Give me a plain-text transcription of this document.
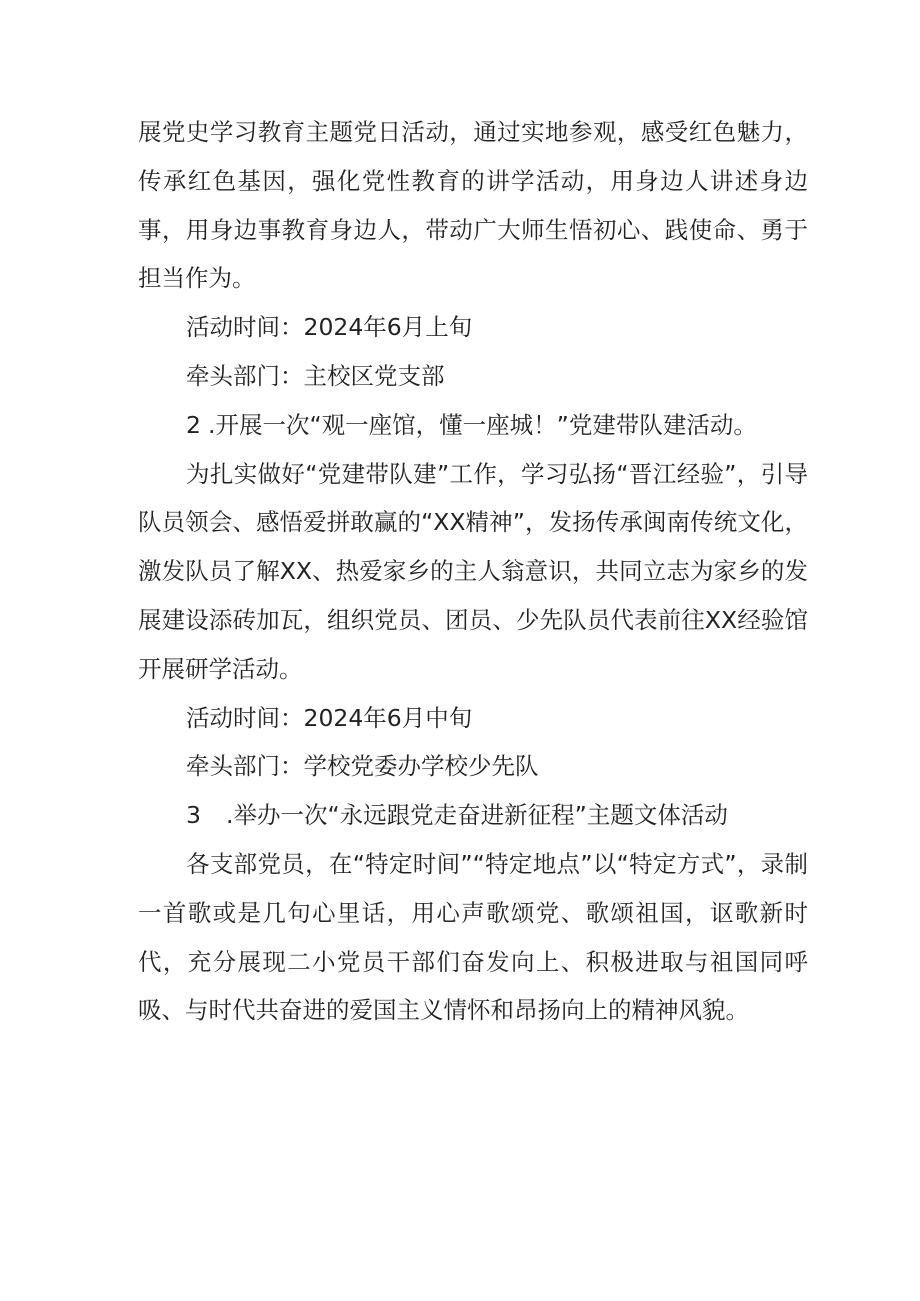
展党史学习教育主题党日活动，通过实地参观，感受红色魅力，传承红色基因，强化党性教育的讲学活动，用身边人讲述身边事，用身边事教育身边人，带动广大师生悟初心、践使命、勇于担当作为。

活动时间：2024年6月上旬

牵头部门：主校区党支部

2 .开展一次“观一座馆，懂一座城！”党建带队建活动。

为扎实做好“党建带队建”工作，学习弘扬“晋江经验”，引导队员领会、感悟爱拼敢赢的“XX精神”，发扬传承闽南传统文化，激发队员了解XX、热爱家乡的主人翁意识，共同立志为家乡的发展建设添砖加瓦，组织党员、团员、少先队员代表前往XX经验馆开展研学活动。

活动时间：2024年6月中旬

牵头部门：学校党委办学校少先队

3 .举办一次“永远跟党走奋进新征程”主题文体活动

各支部党员，在“特定时间”“特定地点”以“特定方式”，录制一首歌或是几句心里话，用心声歌颂党、歌颂祖国，讴歌新时代，充分展现二小党员干部们奋发向上、积极进取与祖国同呼吸、与时代共奋进的爱国主义情怀和昂扬向上的精神风貌。
